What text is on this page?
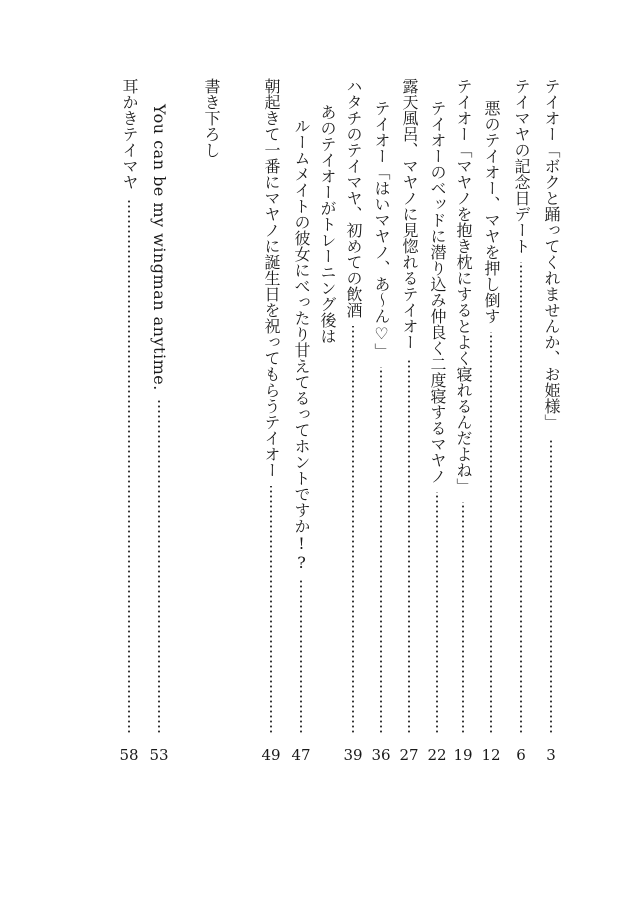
テイオー「ボクと踊ってくれませんか、お姫様」
3
テイマヤの記念日デート
6
悪のテイオー、マヤを押し倒す
12
テイオー「マヤノを抱き枕にするとよく寝れるんだよね」
19
テイオーのベッドに潜り込み仲良く二度寝するマヤノ
22
露天風呂、マヤノに見惚れるテイオー
27
テイオー「はいマヤノ、あ～ん♡」
36
ハタチのテイマヤ、初めての飲酒
39
あのテイオーがトレーニング後は
ルームメイトの彼女にべったり甘えてるってホントですか!?
47
朝起きて一番にマヤノに誕生日を祝ってもらうテイオー
49
書き下ろし
You can be my wingman anytime.
53
耳かきテイマヤ
58
